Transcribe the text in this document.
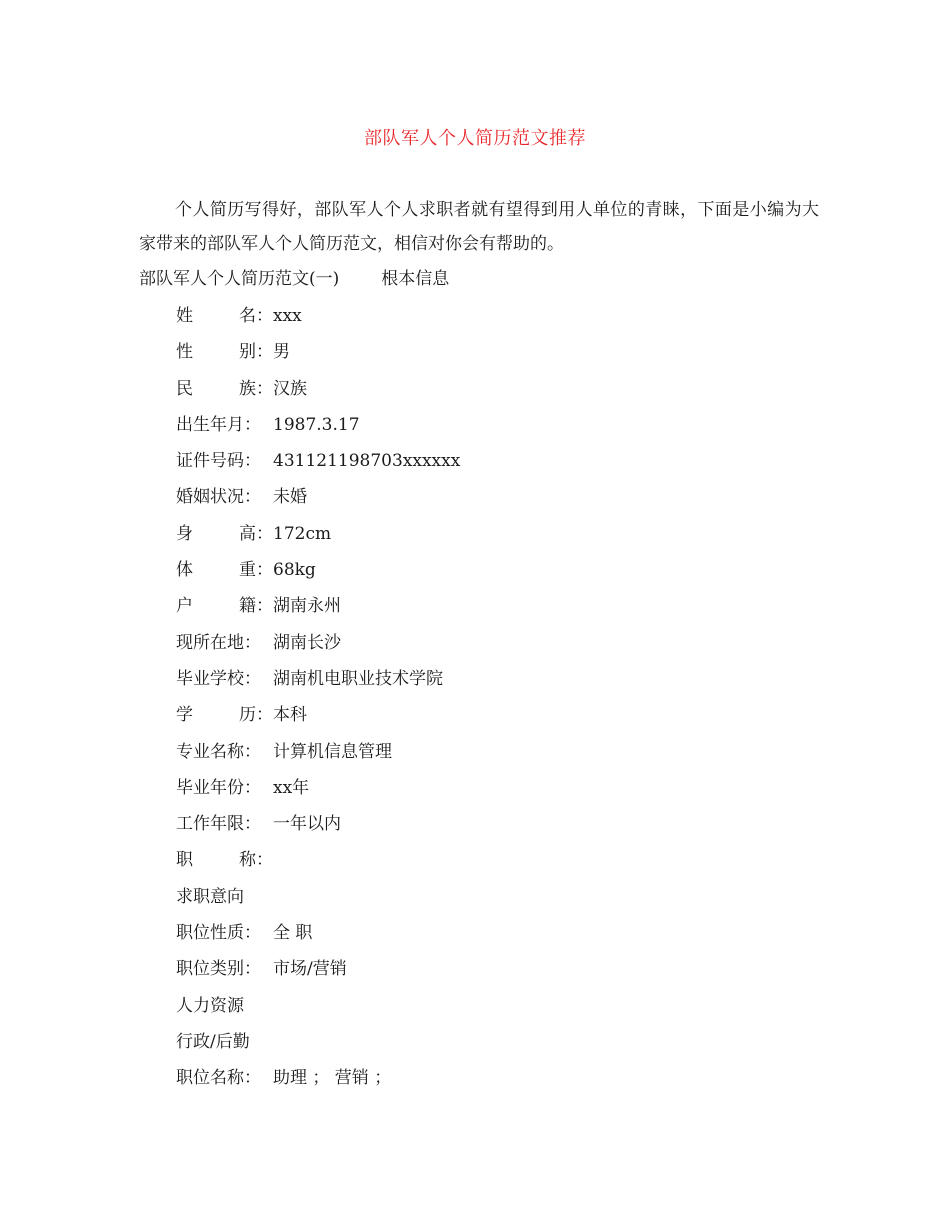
部队军人个人简历范文推荐
个人简历写得好，部队军人个人求职者就有望得到用人单位的青睐，下面是小编为大家带来的部队军人个人简历范文，相信对你会有帮助的。
部队军人个人简历范文(一) 根本信息
姓	名： xxx
性	别： 男
民	族： 汉族
出生年月： 1987.3.17
证件号码： 431121198703xxxxxx
婚姻状况： 未婚
身	高： 172cm
体	重： 68kg
户	籍： 湖南永州
现所在地： 湖南长沙
毕业学校： 湖南机电职业技术学院
学	历： 本科
专业名称： 计算机信息管理
毕业年份： xx年
工作年限： 一年以内
职	称：
求职意向
职位性质： 全 职
职位类别： 市场/营销
人力资源
行政/后勤
职位名称： 助理 ； 营销 ；
